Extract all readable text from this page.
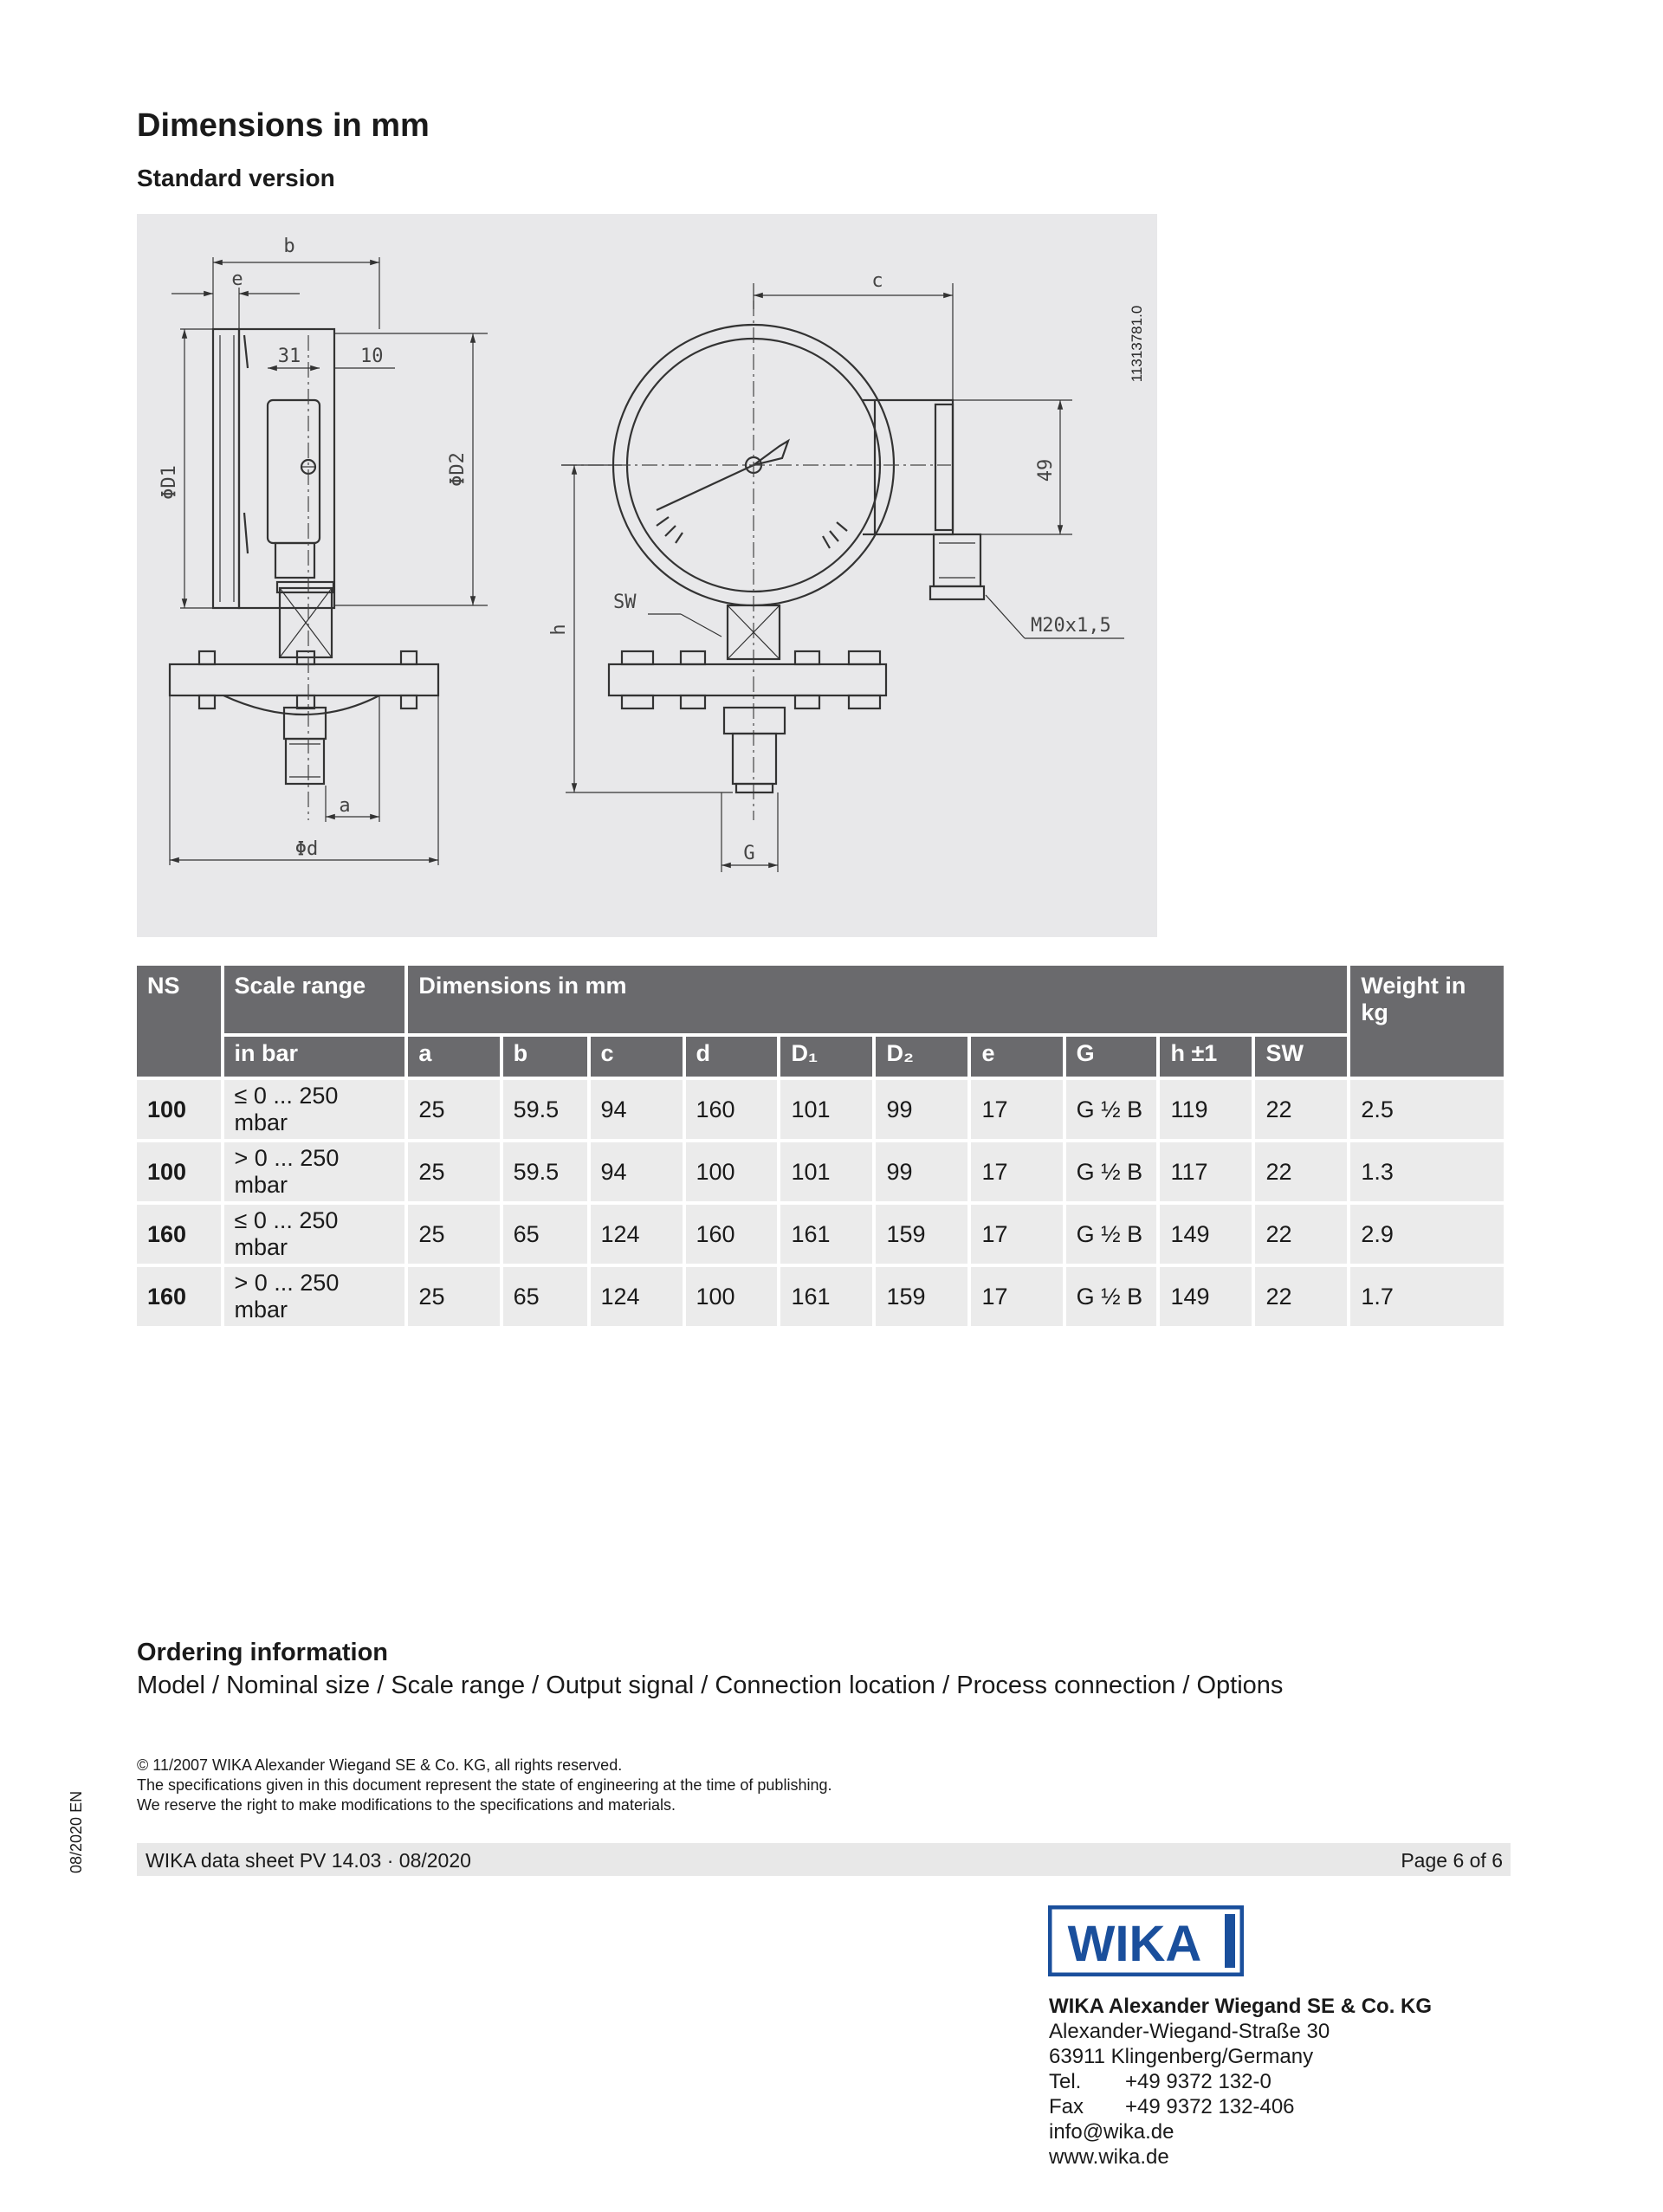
Dimensions in mm
Standard version
b
e
31	10
ΦD1	ΦD2
a
Φd
c
49
h
SW
M20x1,5
G
11313781.0
NS	Scale range	Dimensions in mm										Weight in kg
	in bar	a	b	c	d	D₁	D₂	e	G	h ±1	SW	
100	≤ 0 ... 250 mbar	25	59.5	94	160	101	99	17	G ½ B	119	22	2.5
100	> 0 ... 250 mbar	25	59.5	94	100	101	99	17	G ½ B	117	22	1.3
160	≤ 0 ... 250 mbar	25	65	124	160	161	159	17	G ½ B	149	22	2.9
160	> 0 ... 250 mbar	25	65	124	100	161	159	17	G ½ B	149	22	1.7
Ordering information
Model / Nominal size / Scale range / Output signal / Connection location / Process connection / Options
© 11/2007 WIKA Alexander Wiegand SE & Co. KG, all rights reserved.
The specifications given in this document represent the state of engineering at the time of publishing.
We reserve the right to make modifications to the specifications and materials.
WIKA data sheet PV 14.03 · 08/2020	Page 6 of 6
08/2020 EN
WIKA
WIKA Alexander Wiegand SE & Co. KG
Alexander-Wiegand-Straße 30
63911 Klingenberg/Germany
Tel. +49 9372 132-0
Fax +49 9372 132-406
info@wika.de
www.wika.de
